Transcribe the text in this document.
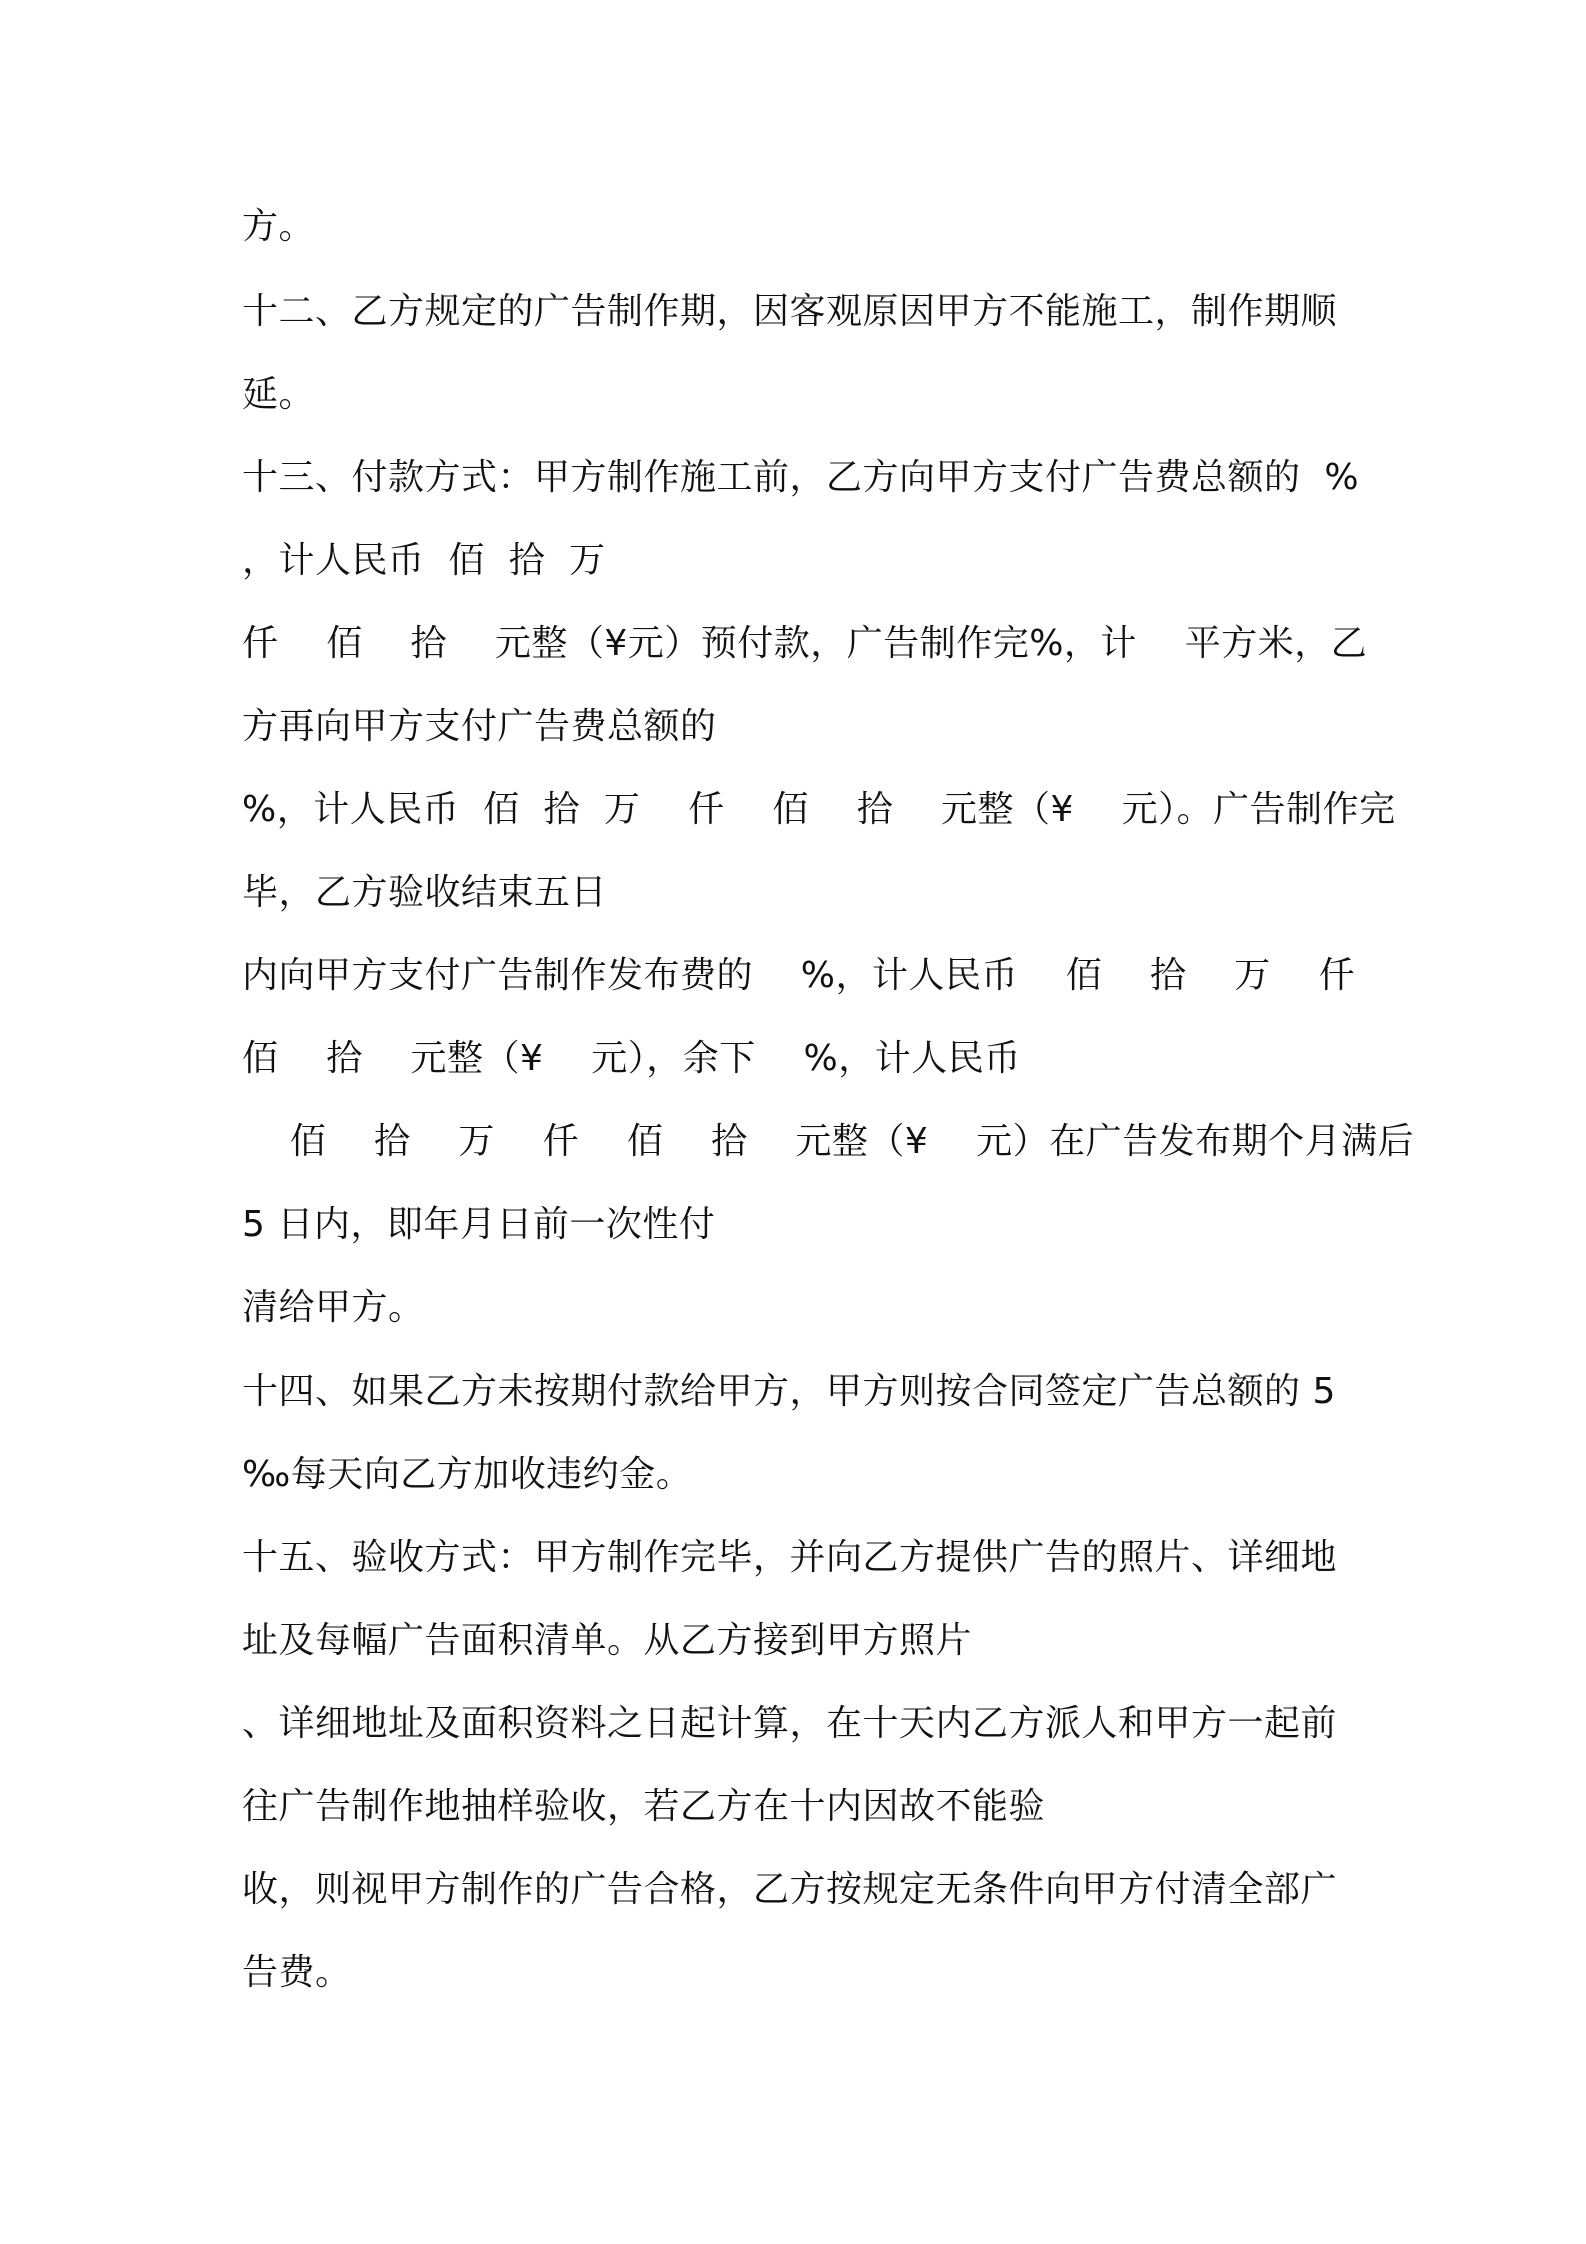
方。
十二、乙方规定的广告制作期，因客观原因甲方不能施工，制作期顺
延。
十三、付款方式：甲方制作施工前，乙方向甲方支付广告费总额的  %
，计人民币  佰  拾  万
仟    佰    拾    元整（¥元）预付款，广告制作完%，计    平方米，乙
方再向甲方支付广告费总额的
%，计人民币  佰  拾  万    仟    佰    拾    元整（¥    元）。广告制作完
毕，乙方验收结束五日
内向甲方支付广告制作发布费的    %，计人民币    佰    拾    万    仟
佰    拾    元整（¥    元），余下    %，计人民币
佰    拾    万    仟    佰    拾    元整（¥    元）在广告发布期个月满后
5 日内，即年月日前一次性付
清给甲方。
十四、如果乙方未按期付款给甲方，甲方则按合同签定广告总额的 5
‰每天向乙方加收违约金。
十五、验收方式：甲方制作完毕，并向乙方提供广告的照片、详细地
址及每幅广告面积清单。从乙方接到甲方照片
、详细地址及面积资料之日起计算，在十天内乙方派人和甲方一起前
往广告制作地抽样验收，若乙方在十内因故不能验
收，则视甲方制作的广告合格，乙方按规定无条件向甲方付清全部广
告费。
